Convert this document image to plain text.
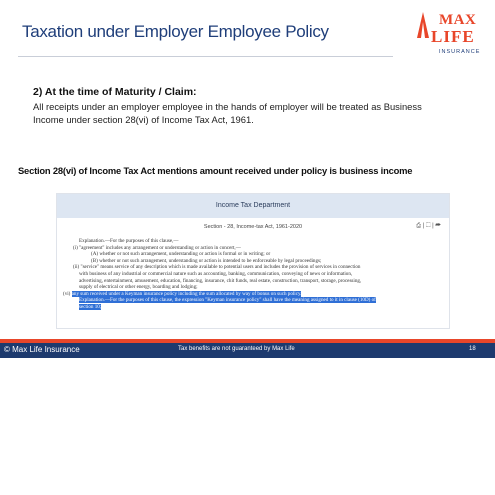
Taxation under Employer Employee Policy
MAX
LIFE
INSURANCE
2) At the time of Maturity / Claim:
All receipts under an employer employee in the hands of employer will be treated as Business Income under section 28(vi) of Income Tax Act, 1961.
Section 28(vi) of Income Tax Act mentions amount received under policy is business income
Income Tax Department
Section - 28, Income-tax Act, 1961-2020	⎙ | ⬚ | ➦
Explanation.—For the purposes of this clause,—
(i) "agreement" includes any arrangement or understanding or action in concert,—
(A) whether or not such arrangement, understanding or action is formal or in writing; or
(B) whether or not such arrangement, understanding or action is intended to be enforceable by legal proceedings;
(ii) "service" means service of any description which is made available to potential users and includes the provision of services in connection
with business of any industrial or commercial nature such as accounting, banking, communication, conveying of news or information,
advertising, entertainment, amusement, education, financing, insurance, chit funds, real estate, construction, transport, storage, processing,
supply of electrical or other energy, boarding and lodging;
(vi) any sum received under a Keyman insurance policy including the sum allocated by way of bonus on such policy.
Explanation.—For the purposes of this clause, the expression "Keyman insurance policy" shall have the meaning assigned to it in clause (10D) of
section 10;
© Max Life Insurance	Tax benefits are not guaranteed by Max Life	18
